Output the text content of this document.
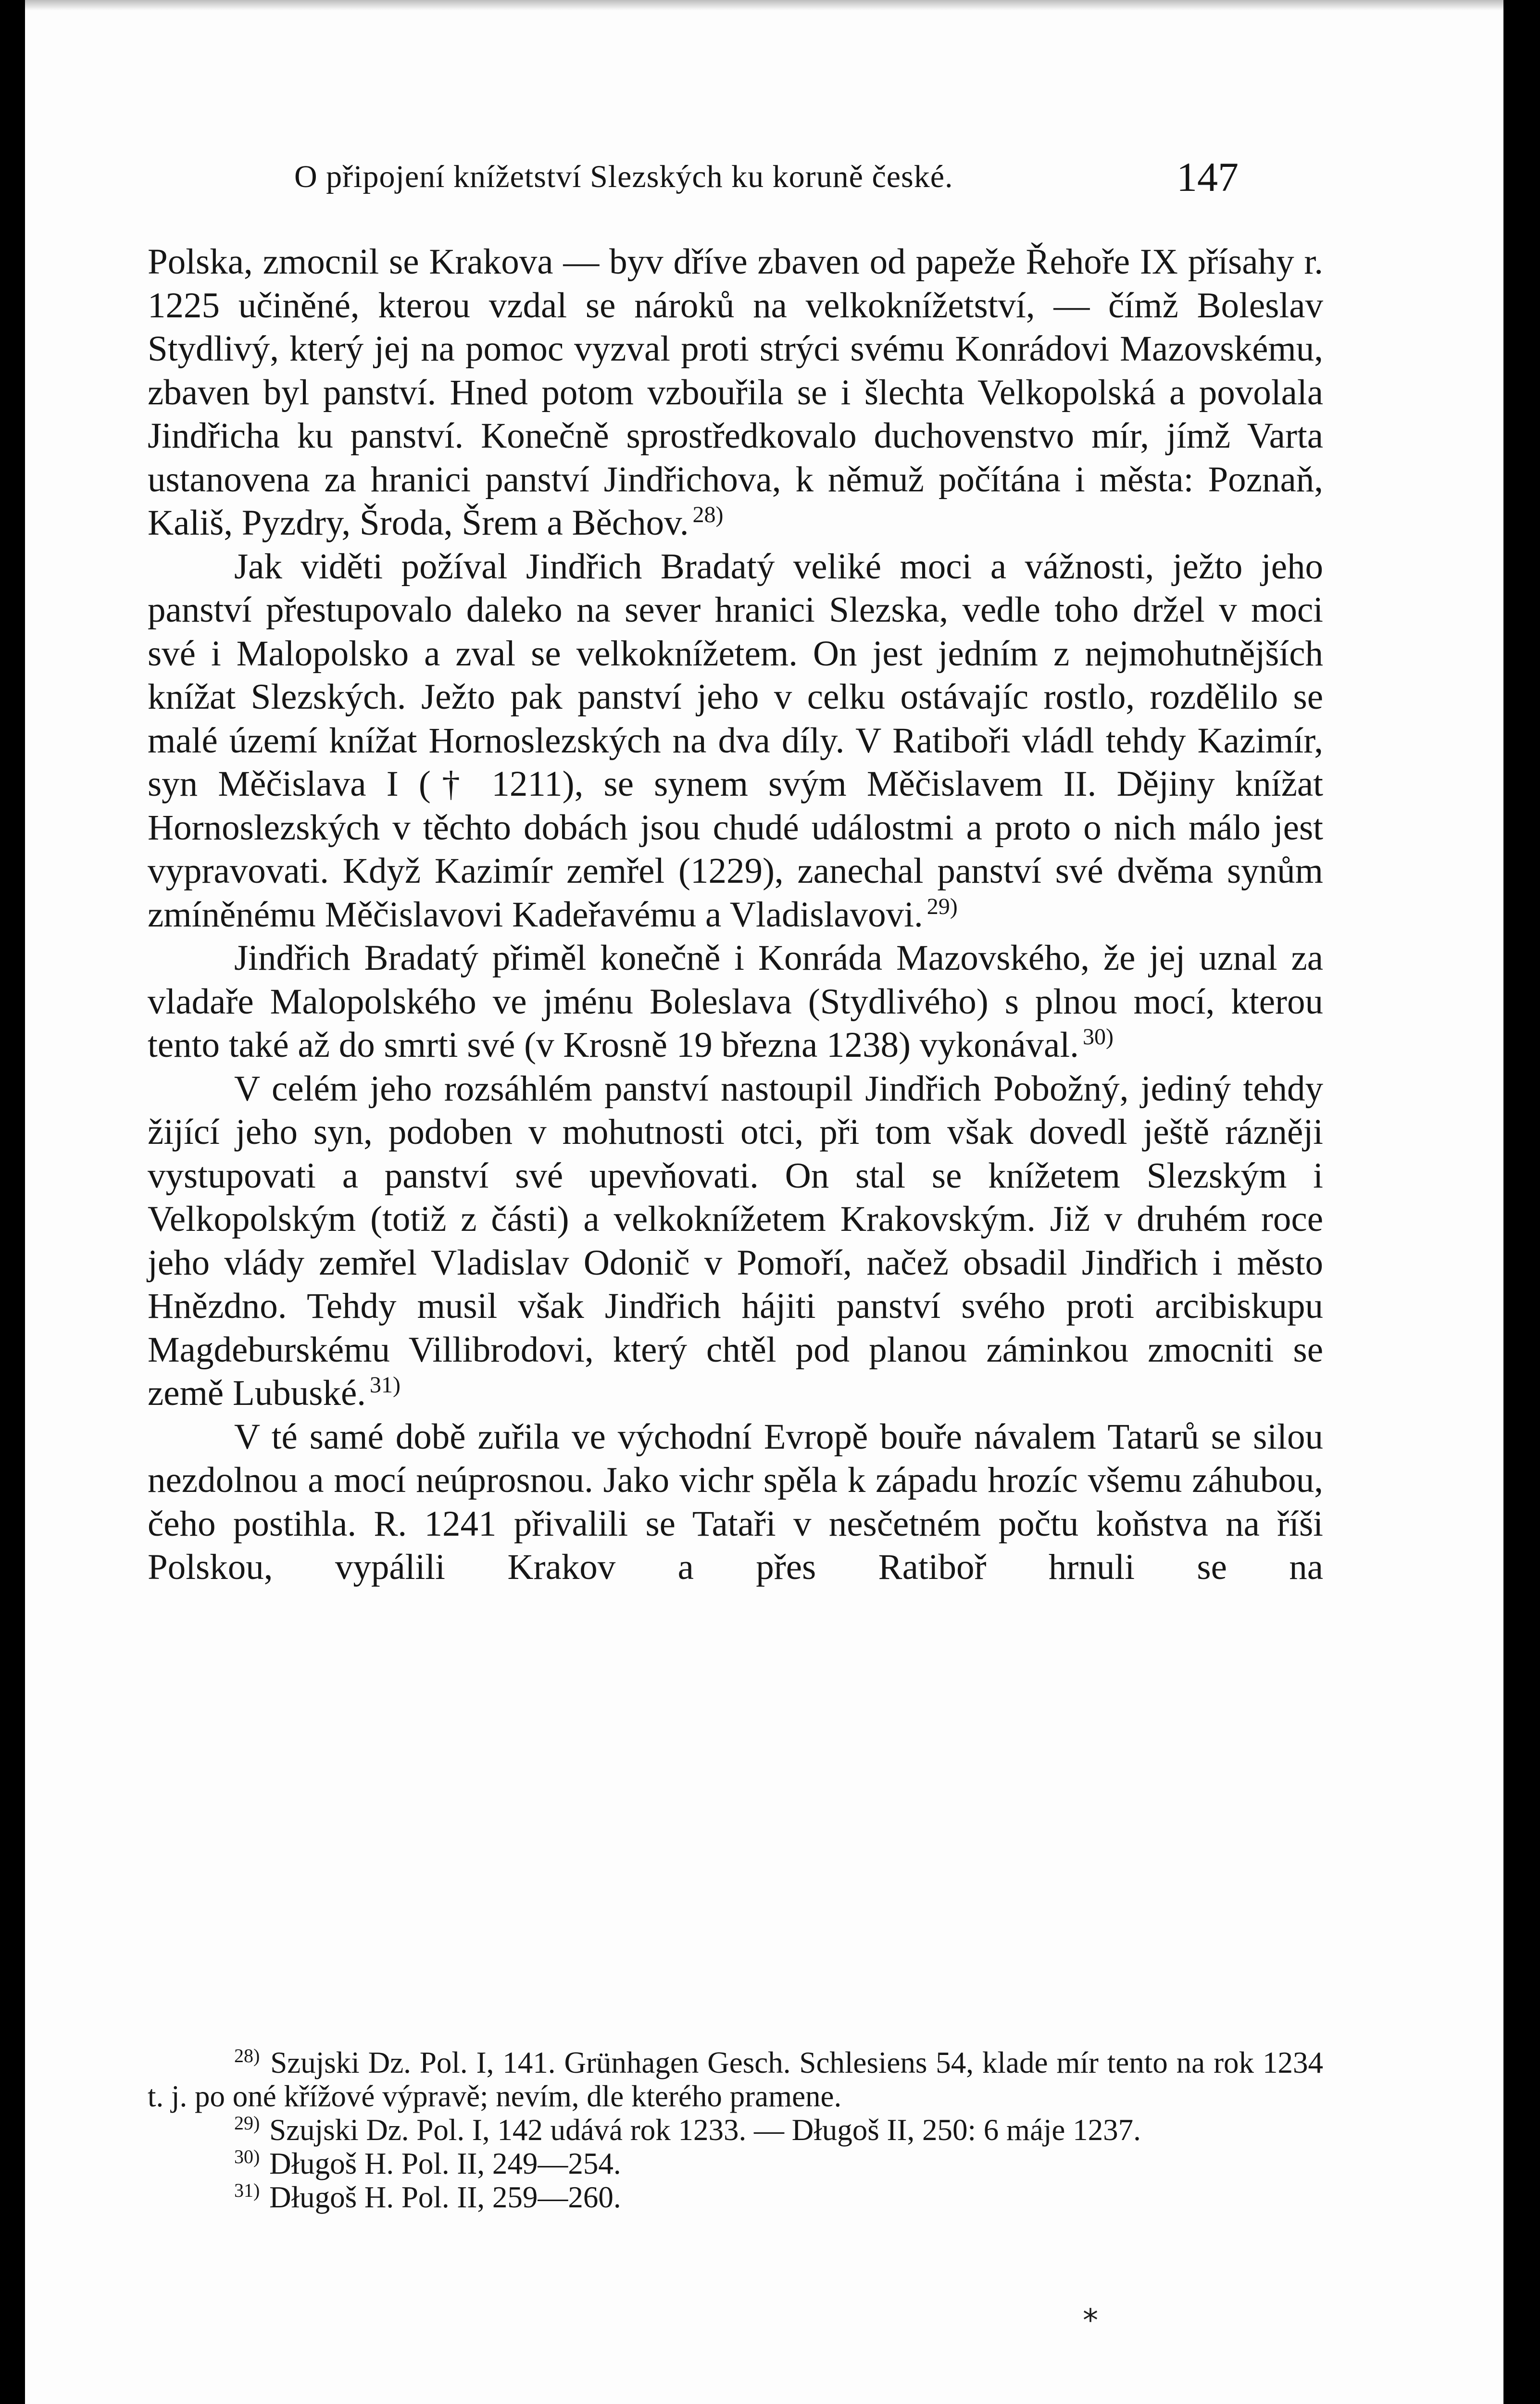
O připojení knížetství Slezských ku koruně české.	147

Polska, zmocnil se Krakova — byv dříve zbaven od papeže Řehoře IX přísahy r. 1225 učiněné, kterou vzdal se nároků na velkoknížetství, — čímž Boleslav Stydlivý, který jej na pomoc vyzval proti strýci svému Konrádovi Mazovskému, zbaven byl panství. Hned potom vzbouřila se i šlechta Velkopolská a povolala Jindřicha ku panství. Konečně sprostředkovalo duchovenstvo mír, jímž Varta ustanovena za hranici panství Jindřichova, k němuž počítána i města: Poznaň, Kališ, Pyzdry, Šroda, Šrem a Běchov. $^{28)}$

Jak viděti požíval Jindřich Bradatý veliké moci a vážnosti, ježto jeho panství přestupovalo daleko na sever hranici Slezska, vedle toho držel v moci své i Malopolsko a zval se velkoknížetem. On jest jedním z nejmohutnějších knížat Slezských. Ježto pak panství jeho v celku ostávajíc rostlo, rozdělilo se malé území knížat Hornoslezských na dva díly. V Ratiboři vládl tehdy Kazimír, syn Měčislava I († 1211), se synem svým Měčislavem II. Dějiny knížat Hornoslezských v těchto dobách jsou chudé událostmi a proto o nich málo jest vypravovati. Když Kazimír zemřel (1229), zanechal panství své dvěma synům zmíněnému Měčislavovi Kadeřavému a Vladislavovi. $^{29)}$

Jindřich Bradatý přiměl konečně i Konráda Mazovského, že jej uznal za vladaře Malopolského ve jménu Boleslava (Stydlivého) s plnou mocí, kterou tento také až do smrti své (v Krosně 19 března 1238) vykonával. $^{30)}$

V celém jeho rozsáhlém panství nastoupil Jindřich Pobožný, jediný tehdy žijící jeho syn, podoben v mohutnosti otci, při tom však dovedl ještě rázněji vystupovati a panství své upevňovati. On stal se knížetem Slezským i Velkopolským (totiž z části) a velkoknížetem Krakovským. Již v druhém roce jeho vlády zemřel Vladislav Odonič v Pomoří, načež obsadil Jindřich i město Hnězdno. Tehdy musil však Jindřich hájiti panství svého proti arcibiskupu Magdeburskému Villibrodovi, který chtěl pod planou záminkou zmocniti se země Lubuské. $^{31)}$

V té samé době zuřila ve východní Evropě bouře návalem Tatarů se silou nezdolnou a mocí neúprosnou. Jako vichr spěla k západu hrozíc všemu záhubou, čeho postihla. R. 1241 přivalili se Tataři v nesčetném počtu koňstva na říši Polskou, vypálili Krakov a přes Ratiboř hrnuli se na

$^{28)}$ Szujski Dz. Pol. I, 141. Grünhagen Gesch. Schlesiens 54, klade mír tento na rok 1234 t. j. po oné křížové výpravě; nevím, dle kterého pramene.

$^{29)}$ Szujski Dz. Pol. I, 142 udává rok 1233. — Długoš II, 250: 6 máje 1237.

$^{30)}$ Długoš H. Pol. II, 249—254.

$^{31)}$ Długoš H. Pol. II, 259—260.

*
